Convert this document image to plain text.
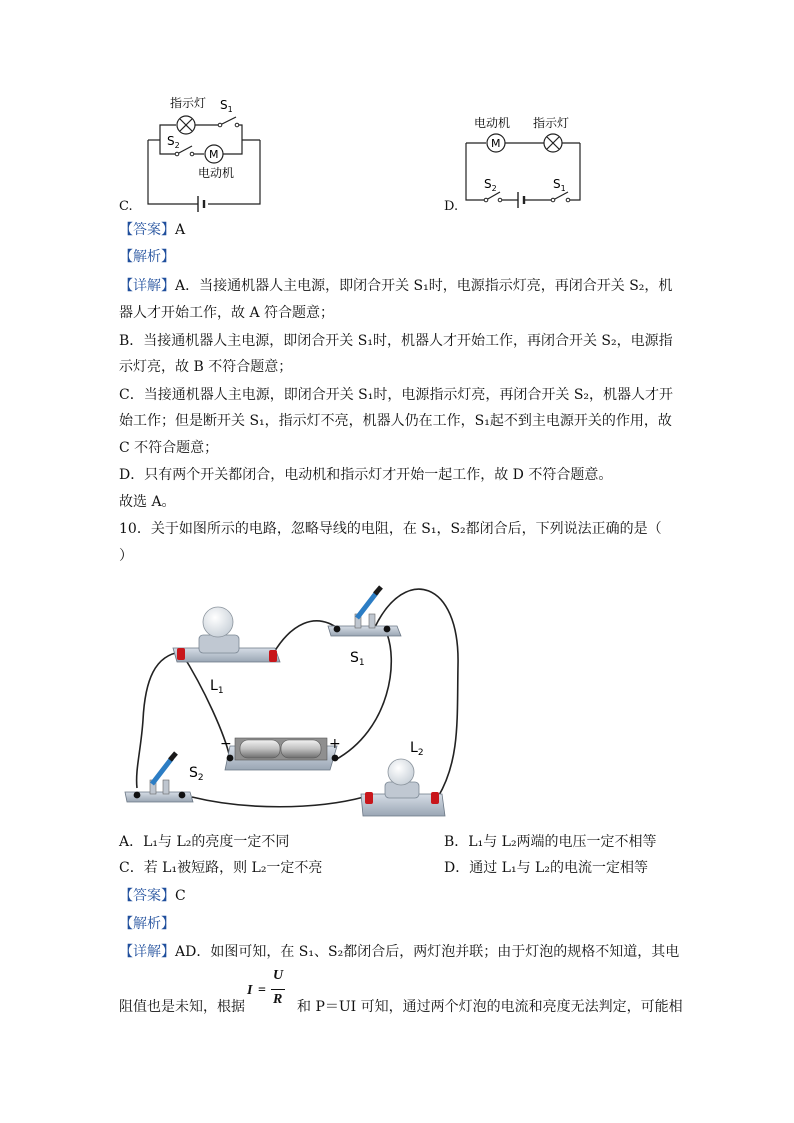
C.
指示灯 $S_1$
$S_2$
M
电动机
D.
M
电动机 指示灯
$S_2$	$S_1$
【答案】A
【解析】
【详解】A．当接通机器人主电源，即闭合开关 S₁时，电源指示灯亮，再闭合开关 S₂，机
器人才开始工作，故 A 符合题意；
B．当接通机器人主电源，即闭合开关 S₁时，机器人才开始工作，再闭合开关 S₂，电源指
示灯亮，故 B 不符合题意；
C．当接通机器人主电源，即闭合开关 S₁时，电源指示灯亮，再闭合开关 S₂，机器人才开
始工作；但是断开关 S₁，指示灯不亮，机器人仍在工作，S₁起不到主电源开关的作用，故
C 不符合题意；
D．只有两个开关都闭合，电动机和指示灯才开始一起工作，故 D 不符合题意。
故选 A。
10．关于如图所示的电路，忽略导线的电阻，在 S₁，S₂都闭合后，下列说法正确的是（
）
$L_1$
$S_1$
−	+
$S_2$
$L_2$
A．L₁与 L₂的亮度一定不同	B．L₁与 L₂两端的电压一定不相等
C．若 L₁被短路，则 L₂一定不亮	D．通过 L₁与 L₂的电流一定相等
【答案】C
【解析】
【详解】AD．如图可知，在 S₁、S₂都闭合后，两灯泡并联；由于灯泡的规格不知道，其电
阻值也是未知，根据	和 P＝UI 可知，通过两个灯泡的电流和亮度无法判定，可能相
I =
U
R
